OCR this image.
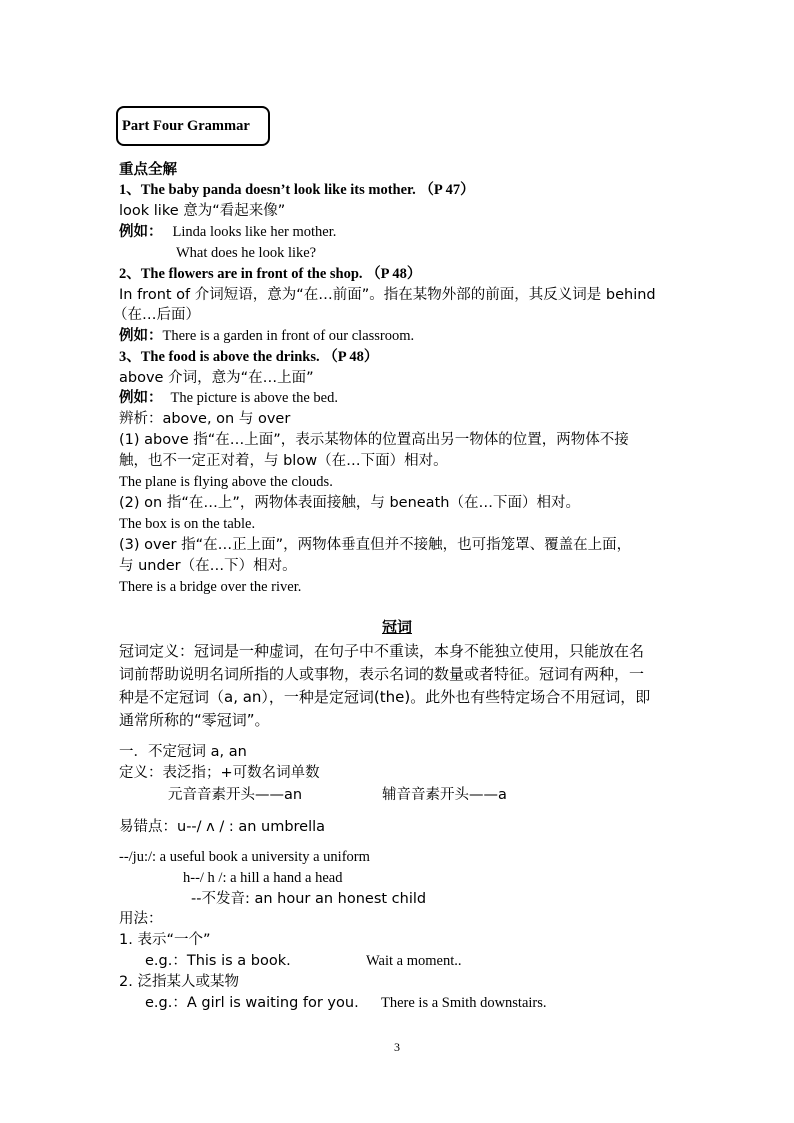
Part Four Grammar
重点全解
1、The baby panda doesn’t look like its mother. （P 47）
look like 意为“看起来像”
例如： Linda looks like her mother.
What does he look like?
2、The flowers are in front of the shop. （P 48）
In front of 介词短语，意为“在…前面”。指在某物外部的前面，其反义词是 behind
（在…后面）
例如：There is a garden in front of our classroom.
3、The food is above the drinks. （P 48）
above 介词，意为“在…上面”
例如： The picture is above the bed.
辨析：above, on 与 over
(1) above 指“在…上面”，表示某物体的位置高出另一物体的位置，两物体不接
触，也不一定正对着，与 blow（在…下面）相对。
The plane is flying above the clouds.
(2) on 指“在…上”，两物体表面接触，与 beneath（在…下面）相对。
The box is on the table.
(3) over 指“在…正上面”，两物体垂直但并不接触，也可指笼罩、覆盖在上面，
与 under（在…下）相对。
There is a bridge over the river.
冠词
冠词定义：冠词是一种虚词，在句子中不重读，本身不能独立使用，只能放在名
词前帮助说明名词所指的人或事物，表示名词的数量或者特征。冠词有两种，一
种是不定冠词（a, an），一种是定冠词(the)。此外也有些特定场合不用冠词，即
通常所称的“零冠词”。
一．不定冠词 a, an
定义：表泛指；+可数名词单数
元音音素开头——an	辅音音素开头——a
易错点：u--/ ʌ / : an umbrella
--/ju:/: a useful book a university a uniform
h--/ h /: a hill a hand a head
--不发音: an hour an honest child
用法：
1. 表示“一个”
e.g.：This is a book.	Wait a moment..
2. 泛指某人或某物
e.g.：A girl is waiting for you. There is a Smith downstairs.
3
